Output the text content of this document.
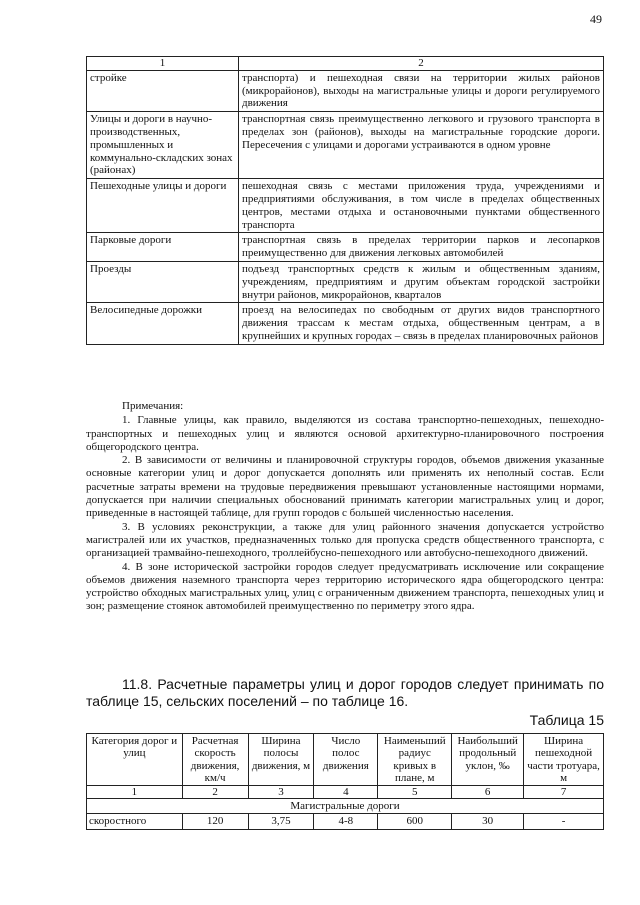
49
1	2
стройке	транспорта) и пешеходная связи на территории жилых районов (микрорайонов), выходы на магистральные улицы и дороги регулируемого движения
Улицы и дороги в научно-производственных, промышленных и коммунально-складских зонах (районах)	транспортная связь преимущественно легкового и грузового транспорта в пределах зон (районов), выходы на магистральные городские дороги. Пересечения с улицами и дорогами устраиваются в одном уровне
Пешеходные улицы и дороги	пешеходная связь с местами приложения труда, учреждениями и предприятиями обслуживания, в том числе в пределах общественных центров, местами отдыха и остановочными пунктами общественного транспорта
Парковые дороги	транспортная связь в пределах территории парков и лесопарков преимущественно для движения легковых автомобилей
Проезды	подъезд транспортных средств к жилым и общественным зданиям, учреждениям, предприятиям и другим объектам городской застройки внутри районов, микрорайонов, кварталов
Велосипедные дорожки	проезд на велосипедах по свободным от других видов транспортного движения трассам к местам отдыха, общественным центрам, а в крупнейших и крупных городах – связь в пределах планировочных районов
Примечания:

1. Главные улицы, как правило, выделяются из состава транспортно-пешеходных, пешеходно-транспортных и пешеходных улиц и являются основой архитектурно-планировочного построения общегородского центра.

2. В зависимости от величины и планировочной структуры городов, объемов движения указанные основные категории улиц и дорог допускается дополнять или применять их неполный состав. Если расчетные затраты времени на трудовые передвижения превышают установленные настоящими нормами, допускается при наличии специальных обоснований принимать категории магистральных улиц и дорог, приведенные в настоящей таблице, для групп городов с большей численностью населения.

3. В условиях реконструкции, а также для улиц районного значения допускается устройство магистралей или их участков, предназначенных только для пропуска средств общественного транспорта, с организацией трамвайно-пешеходного, троллейбусно-пешеходного или автобусно-пешеходного движений.

4. В зоне исторической застройки городов следует предусматривать исключение или сокращение объемов движения наземного транспорта через территорию исторического ядра общегородского центра: устройство обходных магистральных улиц, улиц с ограниченным движением транспорта, пешеходных улиц и зон; размещение стоянок автомобилей преимущественно по периметру этого ядра.

11.8. Расчетные параметры улиц и дорог городов следует принимать по таблице 15, сельских поселений – по таблице 16.
Таблица 15
Категория дорог и улиц	Расчетная скорость движения, км/ч	Ширина полосы движения, м	Число полос движения	Наименьший радиус кривых в плане, м	Наибольший продольный уклон, ‰	Ширина пешеходной части тротуара, м
1	2	3	4	5	6	7
Магистральные дороги						
скоростного	120	3,75	4-8	600	30	-
